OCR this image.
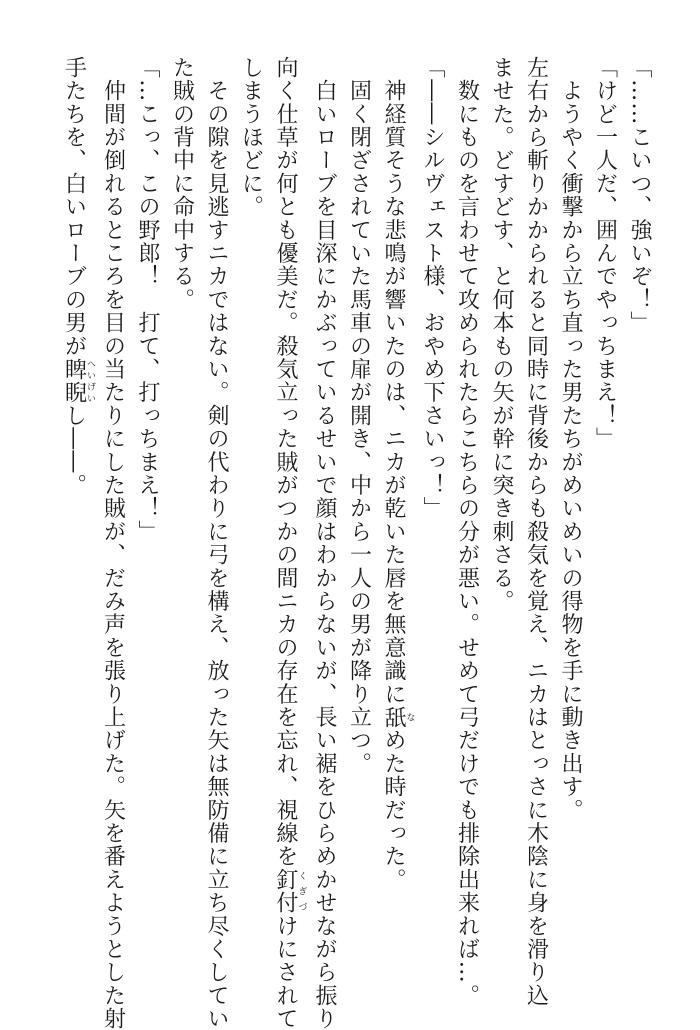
「……こいつ、強いぞ！」
「けど一人だ、囲んでやっちまえ！」
　ようやく衝撃から立ち直った男たちがめいめいの得物を手に動き出す。
左右から斬りかかられると同時に背後からも殺気を覚え、ニカはとっさに木陰に身を滑り込
ませた。どすどす、と何本もの矢が幹に突き刺さる。
　数にものを言わせて攻められたらこちらの分が悪い。せめて弓だけでも排除出来れば…。
「――シルヴェスト様、おやめ下さいっ！」
　神経質そうな悲鳴が響いたのは、ニカが乾いた唇を無意識に舐なめた時だった。
　固く閉ざされていた馬車の扉が開き、中から一人の男が降り立つ。
　白いローブを目深にかぶっているせいで顔はわからないが、長い裾をひらめかせながら振り
向く仕草が何とも優美だ。殺気立った賊がつかの間ニカの存在を忘れ、視線を釘付くぎづけにされて
しまうほどに。
　その隙を見逃すニカではない。剣の代わりに弓を構え、放った矢は無防備に立ち尽くしてい
た賊の背中に命中する。
「…こっ、この野郎！　打て、打っちまえ！」
　仲間が倒れるところを目の当たりにした賊が、だみ声を張り上げた。矢を番えようとした射
手たちを、白いローブの男が睥睨へいげいし――。
